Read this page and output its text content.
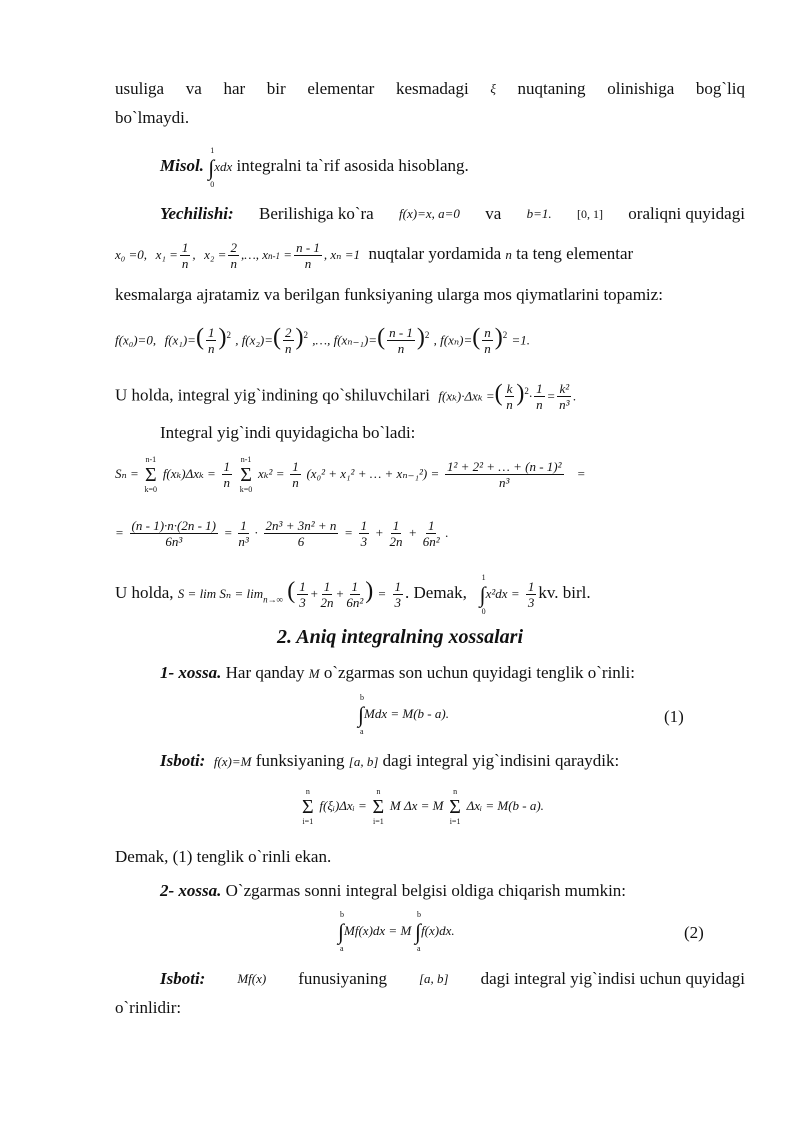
usuliga va har bir elementar kesmadagi ξ nuqtaning olinishiga bog`liq
bo`lmaydi.
Misol. ∫
1
0
xdx integralni ta`rif asosida hisoblang.
Yechilishi: Berilishiga ko`ra f(x)=x, a=0 va b=1. [0, 1] oraliqni quyidagi
x₀ =0, $x_1 = \frac{1}{n}$ , $x_2 = \frac{2}{n}$ ,…, $xn-1 = \frac{n - 1}{n}$ , xₙ =1 nuqtalar yordamida n ta teng elementar
kesmalarga ajratamiz va berilgan funksiyaning ularga mos qiymatlarini topamiz:
f(x₀)=0, $f(x_1)=( \frac{1}{n} )^2$ , $f(x_2)=( \frac{2}{n} )^2$ ,…, $f(x_{n-1})=( \frac{n - 1}{n} )^2$ , $f(x_n)=( \frac{n}{n} )^2 =1$.
U holda, integral yig`indining qo`shiluvchilari f(xₖ)·Δxₖ =( $\frac{k}{n} )^2\cdot \frac{1}{n} = \frac{\text{k²}}{\text{n³}}$ .
Integral yig`indi quyidagicha bo`ladi:
Sₙ =
n-1
Σ
k=0
$f(x_k)\Delta x_k = \frac{1}{n}$
n-1
Σ
k=0
$x_k^2 = \frac{1}{n} (x_0^2 + x_1^2$ + … + $x_{n-1}^2) = \frac{\text{1² + 2² + … + (n - 1)²}}{\text{n³}}$ =
= $\frac{(n - 1)\cdot n\cdot(2n - 1)}{\text{6n³}} = \frac{1}{\text{n³}} \cdot \frac{\text{2n³ + 3n² + n}}{6} = \frac{1}{3} + \frac{1}{2n} + \frac{1}{\text{6n²}}$ .
U holda, $S = \lim S_n = \lim_{n\to\infty}$ ( $\frac{1}{3} + \frac{1}{2n} + \frac{1}{\text{6n²}}$ ) = $\frac{1}{3}$ . Demak, ∫
1
0
$x^2dx = \frac{1}{3}$ kv. birl.
2. Aniq integralning xossalari
1- xossa. Har qanday M o`zgarmas son uchun quyidagi tenglik o`rinli:
∫
b
a
Mdx = M(b - a).	(1)
Isboti: f(x)=M funksiyaning [a, b] dagi integral yig`indisini qaraydik:
n
Σ
i=1
f(ξᵢ)Δxᵢ =
n
Σ
i=1
M Δx = M
n
Σ
i=1
Δxᵢ = M(b - a).
Demak, (1) tenglik o`rinli ekan.
2- xossa. O`zgarmas sonni integral belgisi oldiga chiqarish mumkin:
∫
b
a
Mf(x)dx = M ∫
b
a
f(x)dx.	(2)
Isboti: Mf(x) funusiyaning [a, b] dagi integral yig`indisi uchun quyidagi
o`rinlidir:
